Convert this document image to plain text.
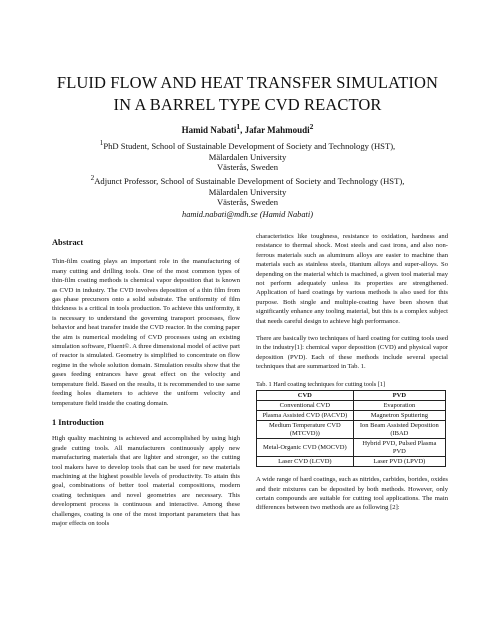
FLUID FLOW AND HEAT TRANSFER SIMULATION
IN A BARREL TYPE CVD REACTOR
Hamid Nabati$^1$, Jafar Mahmoudi$^2$
$^1$PhD Student, School of Sustainable Development of Society and Technology (HST),
Mälardalen University
Västerås, Sweden
$^2$Adjunct Professor, School of Sustainable Development of Society and Technology (HST),
Mälardalen University
Västerås, Sweden
hamid.nabati@mdh.se (Hamid Nabati)
Abstract

Thin-film coating plays an important role in the manufacturing of many cutting and drilling tools. One of the most common types of thin-film coating methods is chemical vapor deposition that is known as CVD in industry. The CVD involves deposition of a thin film from gas phase precursors onto a solid substrate. The uniformity of film thickness is a critical in tools production. To achieve this uniformity, it is necessary to understand the governing transport processes, flow behavior and heat transfer inside the CVD reactor. In the coming paper the aim is numerical modeling of CVD processes using an existing simulation software, Fluent©. A three dimensional model of active part of reactor is simulated. Geometry is simplified to concentrate on flow regime in the whole solution domain. Simulation results show that the gases feeding entrances have great effect on the velocity and temperature field. Based on the results, it is recommended to use same feeding holes diameters to achieve the uniform velocity and temperature field inside the coating domain.

1 Introduction

High quality machining is achieved and accomplished by using high grade cutting tools. All manufacturers continuously apply new manufacturing materials that are lighter and stronger, so the cutting tool makers have to develop tools that can be used for new materials machining at the highest possible levels of productivity. To attain this goal, combinations of better tool material compositions, modern coating techniques and novel geometries are necessary. This development process is continuous and interactive. Among these challenges, coating is one of the most important parameters that has major effects on tools

characteristics like toughness, resistance to oxidation, hardness and resistance to thermal shock. Most steels and cast irons, and also non-ferrous materials such as aluminum alloys are easier to machine than materials such as stainless steels, titanium alloys and super-alloys. So depending on the material which is machined, a given tool material may not perform adequately unless its properties are strengthened. Application of hard coatings by various methods is also used for this purpose. Both single and multiple-coating have been shown that significantly enhance any tooling material, but this is a complex subject that needs careful design to achieve high performance.

There are basically two techniques of hard coating for cutting tools used in the industry[1]: chemical vapor deposition (CVD) and physical vapor deposition (PVD). Each of these methods include several special techniques that are summarized in Tab. 1.

Tab. 1 Hard coating techniques for cutting tools [1]
CVD	PVD
Conventional CVD	Evaporation
Plasma Assisted CVD (PACVD)	Magnetron Sputtering
Medium Temperature CVD (MTCVD))	Ion Beam Assisted Deposition (IBAD
Metal-Organic CVD (MOCVD)	Hybrid PVD, Pulsed Plasma PVD
Laser CVD (LCVD)	Laser PVD (LPVD)

A wide range of hard coatings, such as nitrides, carbides, borides, oxides and their mixtures can be deposited by both methods. However, only certain compounds are suitable for cutting tool applications. The main differences between two methods are as following [2]:
